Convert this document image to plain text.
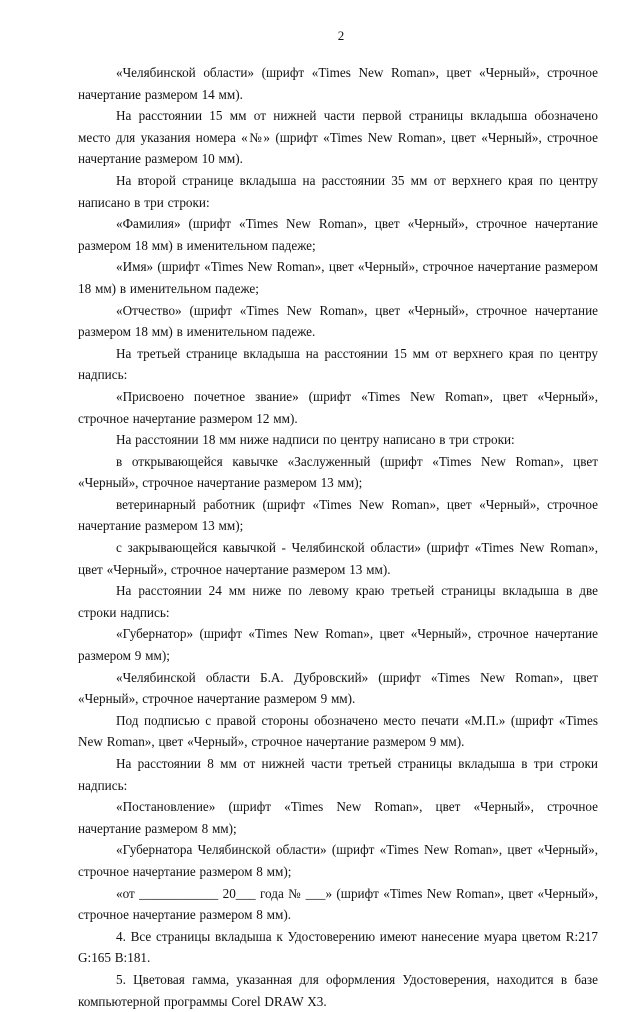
2

«Челябинской области» (шрифт «Times New Roman», цвет «Черный», строчное начертание размером 14 мм).

На расстоянии 15 мм от нижней части первой страницы вкладыша обозначено место для указания номера «№» (шрифт «Times New Roman», цвет «Черный», строчное начертание размером 10 мм).

На второй странице вкладыша на расстоянии 35 мм от верхнего края по центру написано в три строки:

«Фамилия» (шрифт «Times New Roman», цвет «Черный», строчное начертание размером 18 мм) в именительном падеже;

«Имя» (шрифт «Times New Roman», цвет «Черный», строчное начертание размером 18 мм) в именительном падеже;

«Отчество» (шрифт «Times New Roman», цвет «Черный», строчное начертание размером 18 мм) в именительном падеже.

На третьей странице вкладыша на расстоянии 15 мм от верхнего края по центру надпись:

«Присвоено почетное звание» (шрифт «Times New Roman», цвет «Черный», строчное начертание размером 12 мм).

На расстоянии 18 мм ниже надписи по центру написано в три строки:

в открывающейся кавычке «Заслуженный (шрифт «Times New Roman», цвет «Черный», строчное начертание размером 13 мм);

ветеринарный работник (шрифт «Times New Roman», цвет «Черный», строчное начертание размером 13 мм);

с закрывающейся кавычкой - Челябинской области» (шрифт «Times New Roman», цвет «Черный», строчное начертание размером 13 мм).

На расстоянии 24 мм ниже по левому краю третьей страницы вкладыша в две строки надпись:

«Губернатор» (шрифт «Times New Roman», цвет «Черный», строчное начертание размером 9 мм);

«Челябинской области Б.А. Дубровский» (шрифт «Times New Roman», цвет «Черный», строчное начертание размером 9 мм).

Под подписью с правой стороны обозначено место печати «М.П.» (шрифт «Times New Roman», цвет «Черный», строчное начертание размером 9 мм).

На расстоянии 8 мм от нижней части третьей страницы вкладыша в три строки надпись:

«Постановление» (шрифт «Times New Roman», цвет «Черный», строчное начертание размером 8 мм);

«Губернатора Челябинской области» (шрифт «Times New Roman», цвет «Черный», строчное начертание размером 8 мм);

«от ____________ 20___ года № ___» (шрифт «Times New Roman», цвет «Черный», строчное начертание размером 8 мм).

4. Все страницы вкладыша к Удостоверению имеют нанесение муара цветом R:217 G:165 B:181.

5. Цветовая гамма, указанная для оформления Удостоверения, находится в базе компьютерной программы Corel DRAW X3.
